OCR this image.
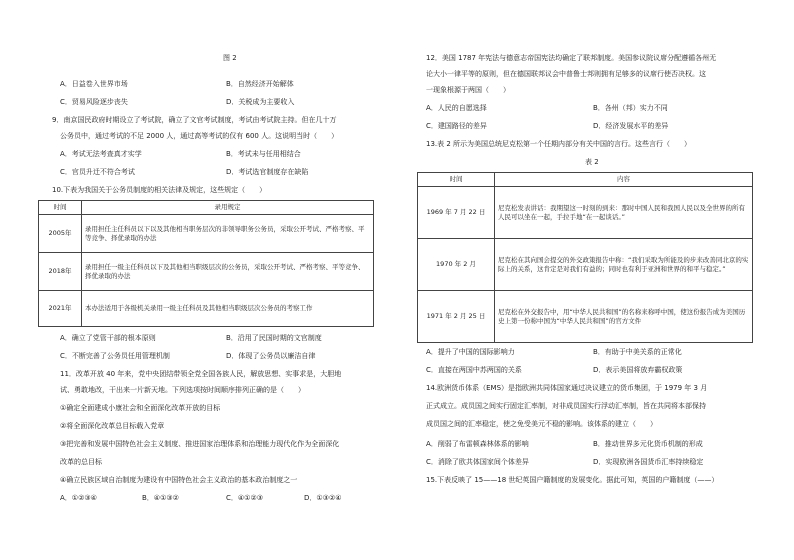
图 2
A．日益卷入世界市场	B．自然经济开始解体
C．贸易风险逐步丧失	D．关税成为主要收入
9．南京国民政府时期设立了考试院，确立了文官考试制度，考试由考试院主持。但在几十万
公务员中，通过考试的不足 2000 人，通过高等考试的仅有 600 人。这说明当时（　　）
A．考试无法考查真才实学	B．考试未与任用相结合
C．官员升迁不符合考试	D．考试选官制度存在缺陷
10.下表为我国关于公务员制度的相关法律及规定，这些规定（　　）
时间	录用规定
2005年	录用担任主任科员以下以及其他相当职务层次的非领导职务公务员，采取公开考试、严格考察、平等竞争、择优录取的办法
2018年	录用担任一级主任科员以下及其他相当职级层次的公务员，采取公开考试、严格考察、平等竞争、择优录取的办法
2021年	本办法适用于各级机关录用一级主任科员及其他相当职级层次公务员的考察工作
A．确立了党管干部的根本原则	B．沿用了民国时期的文官制度
C．不断完善了公务员任用管理机制	D．体现了公务员以廉洁自律
11．改革开放 40 年来，党中央团结带领全党全国各族人民，解放思想、实事求是，大胆地
试、勇敢地改，干出来一片新天地。下列选项按时间顺序排列正确的是（　　）
①确定全面建成小康社会和全面深化改革开放的目标
②将全面深化改革总目标载入党章
③把完善和发展中国特色社会主义制度、推进国家治理体系和治理能力现代化作为全面深化
改革的总目标
④确立民族区域自治制度为建设有中国特色社会主义政治的基本政治制度之一
A．①②③④	B．④①③②	C．④①②③	D．①③②④
12．美国 1787 年宪法与德意志帝国宪法均确定了联邦制度。美国参议院议席分配遵循各州无
论大小一律平等的原则，但在德国联邦议会中普鲁士邦则拥有足够多的议席行使否决权。这
一现象根源于两国（　　）
A．人民的自愿选择	B．各州（邦）实力不同
C．建国路径的差异	D．经济发展水平的差异
13.表 2 所示为美国总统尼克松第一个任期内部分有关中国的言行。这些言行（　　）
表 2
时间	内容
1969 年 7 月 22 日	尼克松发表讲话：我期望这一时刻的到来：那时中国人民和我国人民以及全世界的所有人民可以坐在一起，手拉手地“在一起谈话。”
1970 年 2 月	尼克松在其向国会提交的外交政策报告中称：“我们采取为所能及的步来改善同北京的实际上的关系，这肯定是对我们有益的；同时也有利于亚洲和世界的和平与稳定。”
1971 年 2 月 25 日	尼克松在外交报告中，用“中华人民共和国”的名称来称呼中国，使这份报告成为美国历史上第一份称中国为“中华人民共和国”的官方文件
A．提升了中国的国际影响力	B．有助于中美关系的正常化
C．直接在两国中苏两国的关系	D．表示美国将放弃霸权政策
14.欧洲货币体系（EMS）是指欧洲共同体国家通过决议建立的货币集团，于 1979 年 3 月
正式成立。成员国之间实行固定汇率制，对非成员国实行浮动汇率制，旨在共同将本部保持
成员国之间的汇率稳定，使之免受美元不稳的影响。该体系的建立（　　）
A．削弱了布雷顿森林体系的影响	B．推动世界多元化货币机制的形成
C．消除了欧共体国家间个体差异	D．实现欧洲各国货币汇率持续稳定
15.下表反映了 15——18 世纪英国户籍制度的发展变化。据此可知，英国的户籍制度（——）
